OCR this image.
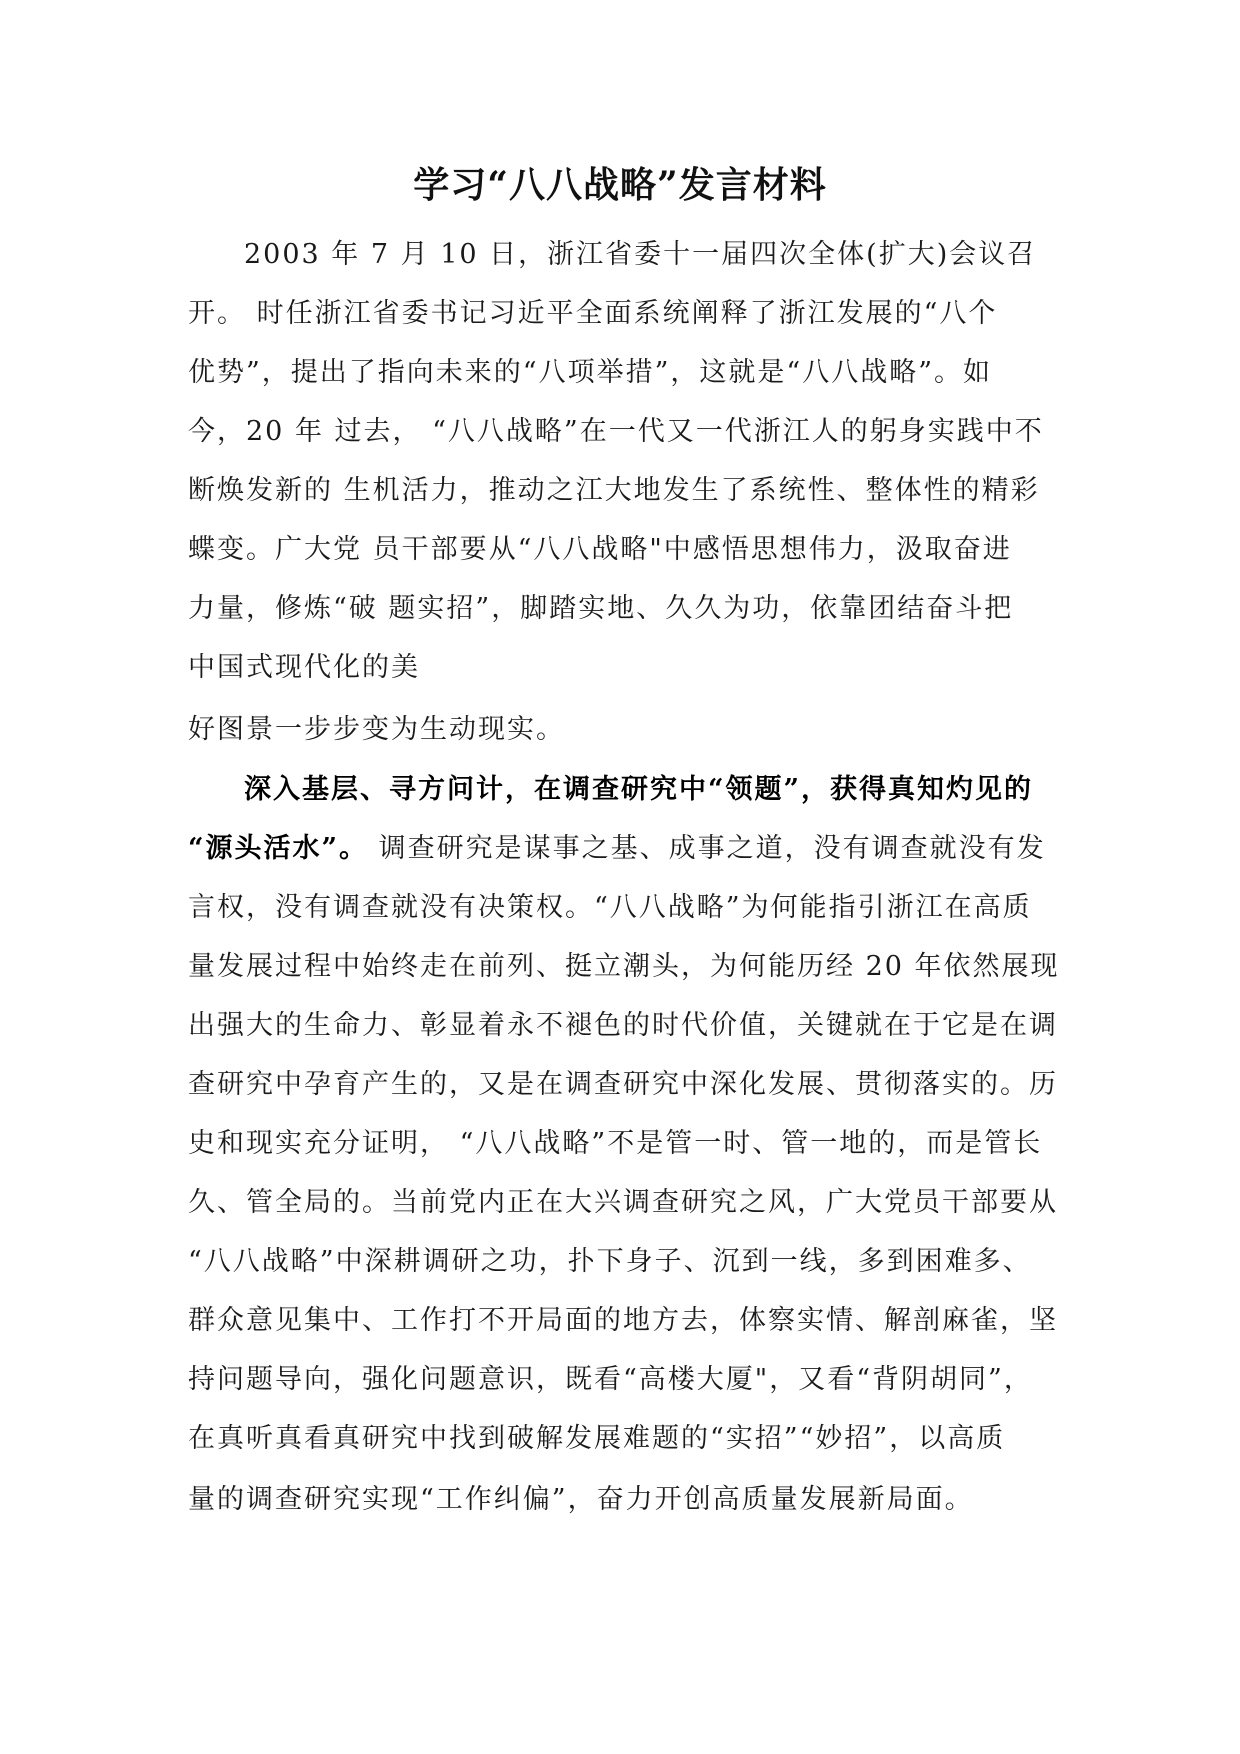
学习“八八战略”发言材料
2003 年 7 月 10 日，浙江省委十一届四次全体(扩大)会议召
开。 时任浙江省委书记习近平全面系统阐释了浙江发展的“八个
优势”，提出了指向未来的“八项举措”，这就是“八八战略”。如
今，20 年 过去， “八八战略”在一代又一代浙江人的躬身实践中不
断焕发新的 生机活力，推动之江大地发生了系统性、整体性的精彩
蝶变。广大党 员干部要从“八八战略"中感悟思想伟力，汲取奋进
力量，修炼“破 题实招”，脚踏实地、久久为功，依靠团结奋斗把
中国式现代化的美
好图景一步步变为生动现实。
深入基层、寻方问计，在调查研究中“领题”，获得真知灼见的
“源头活水”。 调查研究是谋事之基、成事之道，没有调查就没有发
言权，没有调查就没有决策权。“八八战略”为何能指引浙江在高质
量发展过程中始终走在前列、挺立潮头，为何能历经 20 年依然展现
出强大的生命力、彰显着永不褪色的时代价值，关键就在于它是在调
查研究中孕育产生的，又是在调查研究中深化发展、贯彻落实的。历
史和现实充分证明， “八八战略”不是管一时、管一地的，而是管长
久、管全局的。当前党内正在大兴调查研究之风，广大党员干部要从
“八八战略”中深耕调研之功，扑下身子、沉到一线，多到困难多、
群众意见集中、工作打不开局面的地方去，体察实情、解剖麻雀，坚
持问题导向，强化问题意识，既看“高楼大厦"，又看“背阴胡同”，
在真听真看真研究中找到破解发展难题的“实招”“妙招”，以高质
量的调查研究实现“工作纠偏”，奋力开创高质量发展新局面。
